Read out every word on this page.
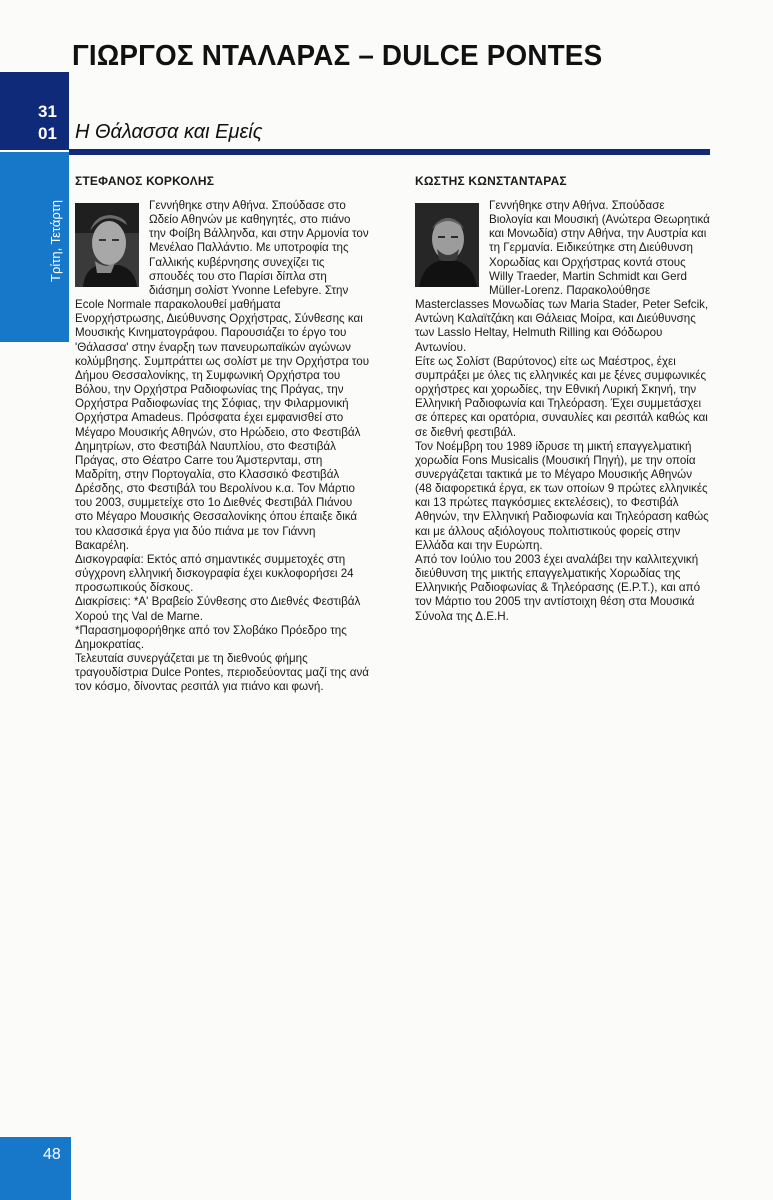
ΓΙΩΡΓΟΣ ΝΤΑΛΑΡΑΣ – DULCE PONTES
31
01
Τρίτη, Τετάρτη
Η Θάλασσα και Εμείς
ΣΤΕΦΑΝΟΣ ΚΟΡΚΟΛΗΣ

Γεννήθηκε στην Αθήνα. Σπούδασε στο Ωδείο Αθηνών με καθηγητές, στο πιάνο την Φοίβη Βάλληνδα, και στην Αρμονία τον Μενέλαο Παλλάντιο. Με υποτροφία της Γαλλικής κυβέρνησης συνεχίζει τις σπουδές του στο Παρίσι δίπλα στη διάσημη σολίστ Yvonne Lefebyre. Στην Ecole Normale παρακολουθεί μαθήματα Ενορχήστρωσης, Διεύθυνσης Ορχήστρας, Σύνθεσης και Μουσικής Κινηματογράφου. Παρουσιάζει το έργο του 'Θάλασσα' στην έναρξη των πανευρωπαϊκών αγώνων κολύμβησης. Συμπράττει ως σολίστ με την Ορχήστρα του Δήμου Θεσσαλονίκης, τη Συμφωνική Ορχήστρα του Βόλου, την Ορχήστρα Ραδιοφωνίας της Πράγας, την Ορχήστρα Ραδιοφωνίας της Σόφιας, την Φιλαρμονική Ορχήστρα Amadeus. Πρόσφατα έχει εμφανισθεί στο Μέγαρο Μουσικής Αθηνών, στο Ηρώδειο, στο Φεστιβάλ Δημητρίων, στο Φεστιβάλ Ναυπλίου, στο Φεστιβάλ Πράγας, στο Θέατρο Carre του Άμστερνταμ, στη Μαδρίτη, στην Πορτογαλία, στο Κλασσικό Φεστιβάλ Δρέσδης, στο Φεστιβάλ του Βερολίνου κ.α. Τον Μάρτιο του 2003, συμμετείχε στο 1ο Διεθνές Φεστιβάλ Πιάνου στο Μέγαρο Μουσικής Θεσσαλονίκης όπου έπαιξε δικά του κλασσικά έργα για δύο πιάνα με τον Γιάννη Βακαρέλη.

Δισκογραφία: Εκτός από σημαντικές συμμετοχές στη σύγχρονη ελληνική δισκογραφία έχει κυκλοφορήσει 24 προσωπικούς δίσκους.

Διακρίσεις: *Α' Βραβείο Σύνθεσης στο Διεθνές Φεστιβάλ Χορού της Val de Marne.

*Παρασημοφορήθηκε από τον Σλοβάκο Πρόεδρο της Δημοκρατίας.

Τελευταία συνεργάζεται με τη διεθνούς φήμης τραγουδίστρια Dulce Pontes, περιοδεύοντας μαζί της ανά τον κόσμο, δίνοντας ρεσιτάλ για πιάνο και φωνή.

ΚΩΣΤΗΣ ΚΩΝΣΤΑΝΤΑΡΑΣ

Γεννήθηκε στην Αθήνα. Σπούδασε Βιολογία και Μουσική (Ανώτερα Θεωρητικά και Μονωδία) στην Αθήνα, την Αυστρία και τη Γερμανία. Ειδικεύτηκε στη Διεύθυνση Χορωδίας και Ορχήστρας κοντά στους Willy Traeder, Martin Schmidt και Gerd Müller-Lorenz. Παρακολούθησε Masterclasses Μονωδίας των Maria Stader, Peter Sefcik, Αντώνη Καλαϊτζάκη και Θάλειας Μοίρα, και Διεύθυνσης των Lasslo Heltay, Helmuth Rilling και Θόδωρου Αντωνίου.

Είτε ως Σολίστ (Βαρύτονος) είτε ως Μαέστρος, έχει συμπράξει με όλες τις ελληνικές και με ξένες συμφωνικές ορχήστρες και χορωδίες, την Εθνική Λυρική Σκηνή, την Ελληνική Ραδιοφωνία και Τηλεόραση. Έχει συμμετάσχει σε όπερες και ορατόρια, συναυλίες και ρεσιτάλ καθώς και σε διεθνή φεστιβάλ.

Τον Νοέμβρη του 1989 ίδρυσε τη μικτή επαγγελματική χορωδία Fons Musicalis (Μουσική Πηγή), με την οποία συνεργάζεται τακτικά με το Μέγαρο Μουσικής Αθηνών (48 διαφορετικά έργα, εκ των οποίων 9 πρώτες ελληνικές και 13 πρώτες παγκόσμιες εκτελέσεις), το Φεστιβάλ Αθηνών, την Ελληνική Ραδιοφωνία και Τηλεόραση καθώς και με άλλους αξιόλογους πολιτιστικούς φορείς στην Ελλάδα και την Ευρώπη.

Από τον Ιούλιο του 2003 έχει αναλάβει την καλλιτεχνική διεύθυνση της μικτής επαγγελματικής Χορωδίας της Ελληνικής Ραδιοφωνίας & Τηλεόρασης (Ε.Ρ.Τ.), και από τον Μάρτιο του 2005 την αντίστοιχη θέση στα Μουσικά Σύνολα της Δ.Ε.Η.

48
